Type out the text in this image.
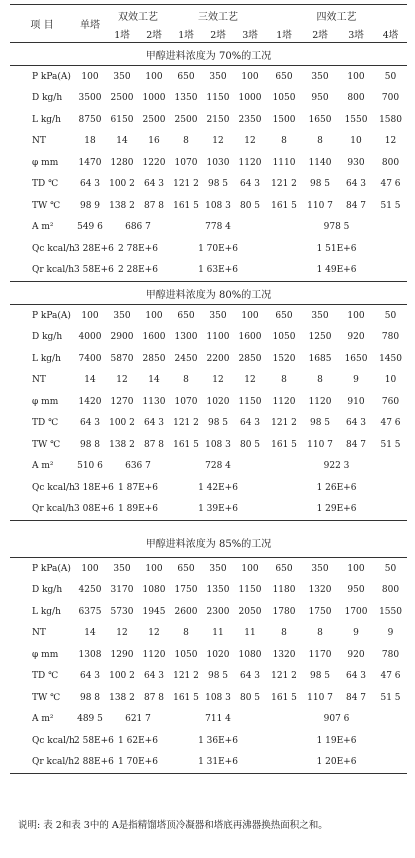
项 目	单塔	双效工艺		三效工艺			四效工艺			
		1塔	2塔	1塔	2塔	3塔	1塔	2塔	3塔	4塔
甲醇进料浓度为 70%的工况										
P kPa(A)	100	350	100	650	350	100	650	350	100	50
D kg/h	3500	2500	1000	1350	1150	1000	1050	950	800	700
L kg/h	8750	6150	2500	2500	2150	2350	1500	1650	1550	1580
NT	18	14	16	8	12	12	8	8	10	12
φ mm	1470	1280	1220	1070	1030	1120	1110	1140	930	800
TD ℃	64 3	100 2	64 3	121 2	98 5	64 3	121 2	98 5	64 3	47 6
TW ℃	98 9	138 2	87 8	161 5	108 3	80 5	161 5	110 7	84 7	51 5
A m²	549 6	686 7		778 4			978 5			
Qc kcal/h	3 28E+6	2 78E+6		1 70E+6			1 51E+6			
Qr kcal/h	3 58E+6	2 28E+6		1 63E+6			1 49E+6			
甲醇进料浓度为 80%的工况										
P kPa(A)	100	350	100	650	350	100	650	350	100	50
D kg/h	4000	2900	1600	1300	1100	1600	1050	1250	920	780
L kg/h	7400	5870	2850	2450	2200	2850	1520	1685	1650	1450
NT	14	12	14	8	12	12	8	8	9	10
φ mm	1420	1270	1130	1070	1020	1150	1120	1120	910	760
TD ℃	64 3	100 2	64 3	121 2	98 5	64 3	121 2	98 5	64 3	47 6
TW ℃	98 8	138 2	87 8	161 5	108 3	80 5	161 5	110 7	84 7	51 5
A m²	510 6	636 7		728 4			922 3			
Qc kcal/h	3 18E+6	1 87E+6		1 42E+6			1 26E+6			
Qr kcal/h	3 08E+6	1 89E+6		1 39E+6			1 29E+6			
甲醇进料浓度为 85%的工况										
P kPa(A)	100	350	100	650	350	100	650	350	100	50
D kg/h	4250	3170	1080	1750	1350	1150	1180	1320	950	800
L kg/h	6375	5730	1945	2600	2300	2050	1780	1750	1700	1550
NT	14	12	12	8	11	11	8	8	9	9
φ mm	1308	1290	1120	1050	1020	1080	1320	1170	920	780
TD ℃	64 3	100 2	64 3	121 2	98 5	64 3	121 2	98 5	64 3	47 6
TW ℃	98 8	138 2	87 8	161 5	108 3	80 5	161 5	110 7	84 7	51 5
A m²	489 5	621 7		711 4			907 6			
Qc kcal/h	2 58E+6	1 62E+6		1 36E+6			1 19E+6			
Qr kcal/h	2 88E+6	1 70E+6		1 31E+6			1 20E+6			
说明: 表 2和表 3中的 A是指精馏塔顶冷凝器和塔底再沸器换热面积之和。
